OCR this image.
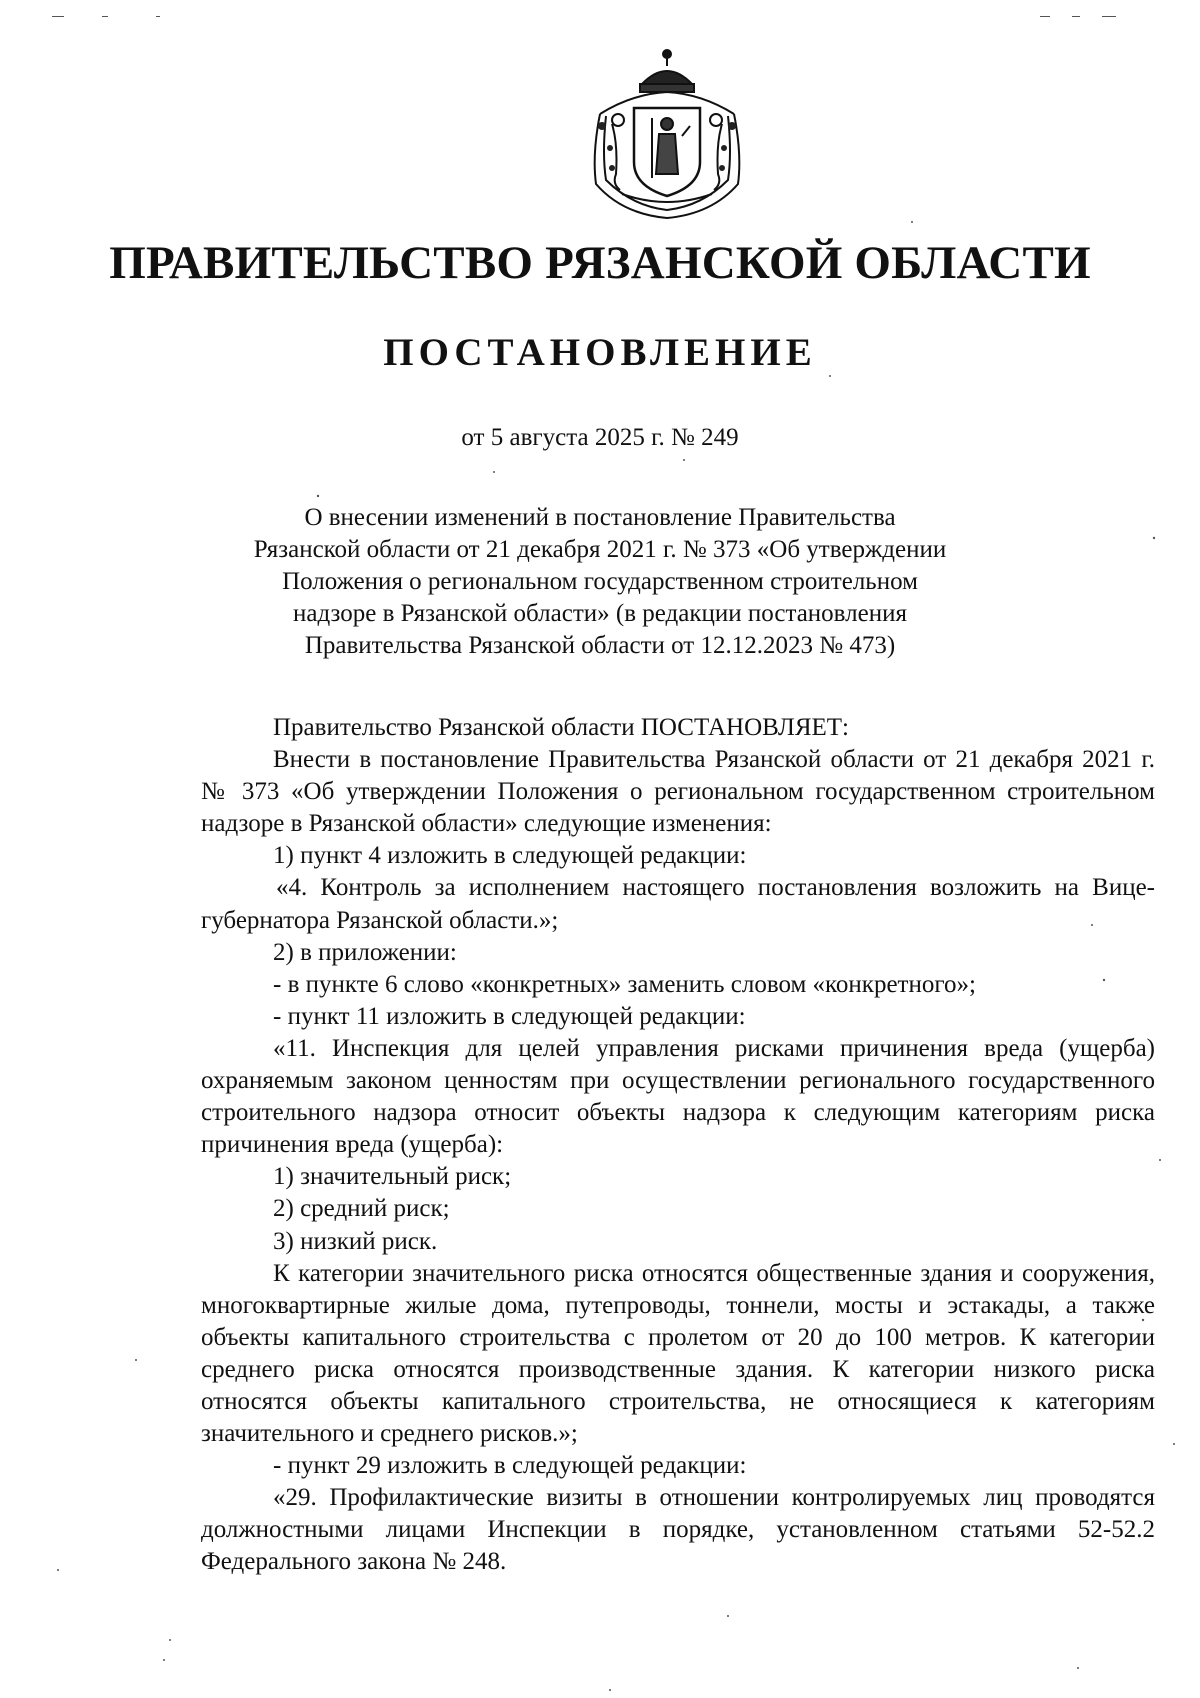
ПРАВИТЕЛЬСТВО РЯЗАНСКОЙ ОБЛАСТИ
ПОСТАНОВЛЕНИЕ
от 5 августа 2025 г. № 249
О внесении изменений в постановление Правительства
Рязанской области от 21 декабря 2021 г. № 373 «Об утверждении
Положения о региональном государственном строительном
надзоре в Рязанской области» (в редакции постановления
Правительства Рязанской области от 12.12.2023 № 473)
Правительство Рязанской области ПОСТАНОВЛЯЕТ:
Внести в постановление Правительства Рязанской области от 21 декабря 2021 г. № 373 «Об утверждении Положения о региональном государственном строительном надзоре в Рязанской области» следующие изменения:
1) пункт 4 изложить в следующей редакции:
«4. Контроль за исполнением настоящего постановления возложить на Вице-губернатора Рязанской области.»;
2) в приложении:
- в пункте 6 слово «конкретных» заменить словом «конкретного»;
- пункт 11 изложить в следующей редакции:
«11. Инспекция для целей управления рисками причинения вреда (ущерба) охраняемым законом ценностям при осуществлении регионального государственного строительного надзора относит объекты надзора к следующим категориям риска причинения вреда (ущерба):
1) значительный риск;
2) средний риск;
3) низкий риск.
К категории значительного риска относятся общественные здания и сооружения, многоквартирные жилые дома, путепроводы, тоннели, мосты и эстакады, а также объекты капитального строительства с пролетом от 20 до 100 метров. К категории среднего риска относятся производственные здания. К категории низкого риска относятся объекты капитального строительства, не относящиеся к категориям значительного и среднего рисков.»;
- пункт 29 изложить в следующей редакции:
«29. Профилактические визиты в отношении контролируемых лиц проводятся должностными лицами Инспекции в порядке, установленном статьями 52-52.2 Федерального закона № 248.
